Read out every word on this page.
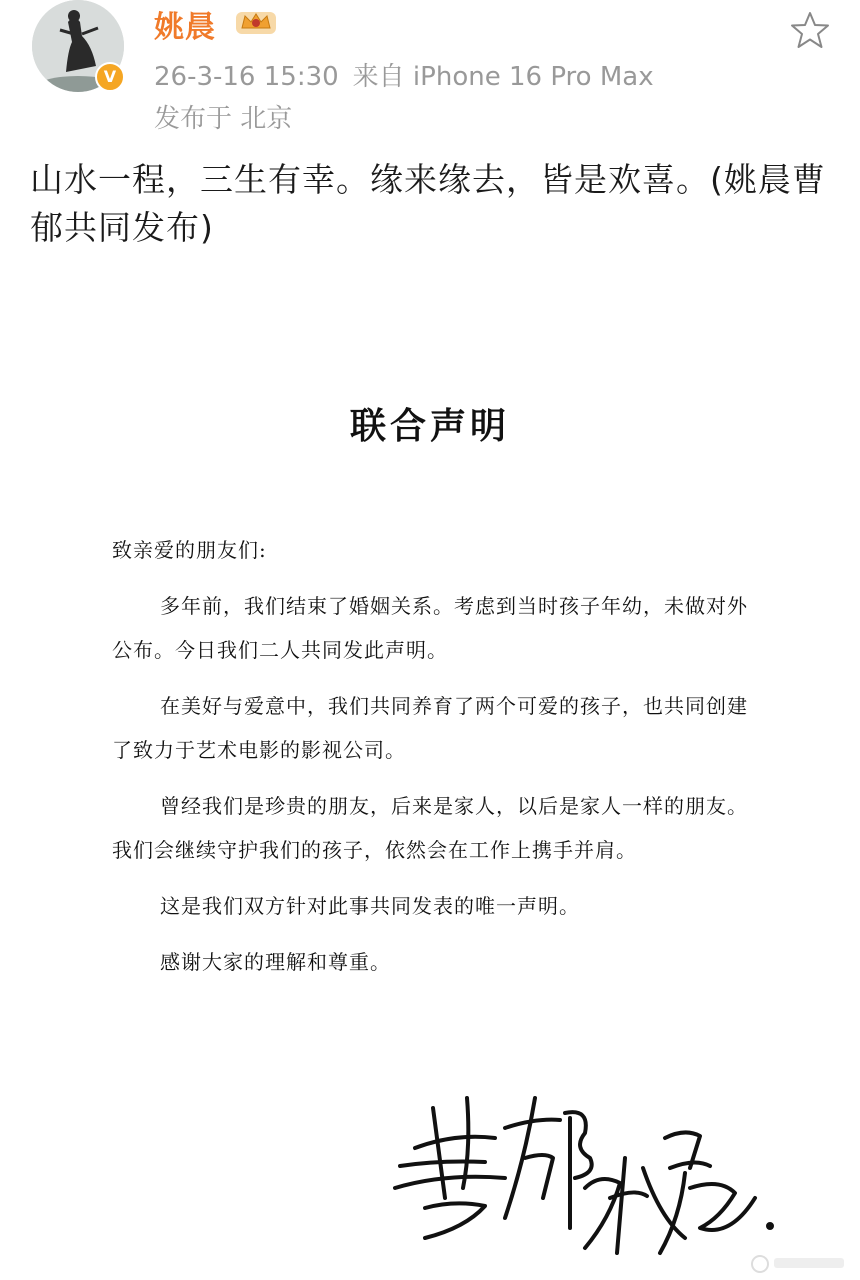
V
姚晨
26-3-16 15:30 来自 iPhone 16 Pro Max
发布于 北京
山水一程，三生有幸。缘来缘去，皆是欢喜。(姚晨曹郁共同发布)
联合声明

致亲爱的朋友们:

多年前，我们结束了婚姻关系。考虑到当时孩子年幼，未做对外公布。今日我们二人共同发此声明。

在美好与爱意中，我们共同养育了两个可爱的孩子，也共同创建了致力于艺术电影的影视公司。

曾经我们是珍贵的朋友，后来是家人，以后是家人一样的朋友。我们会继续守护我们的孩子，依然会在工作上携手并肩。

这是我们双方针对此事共同发表的唯一声明。

感谢大家的理解和尊重。
